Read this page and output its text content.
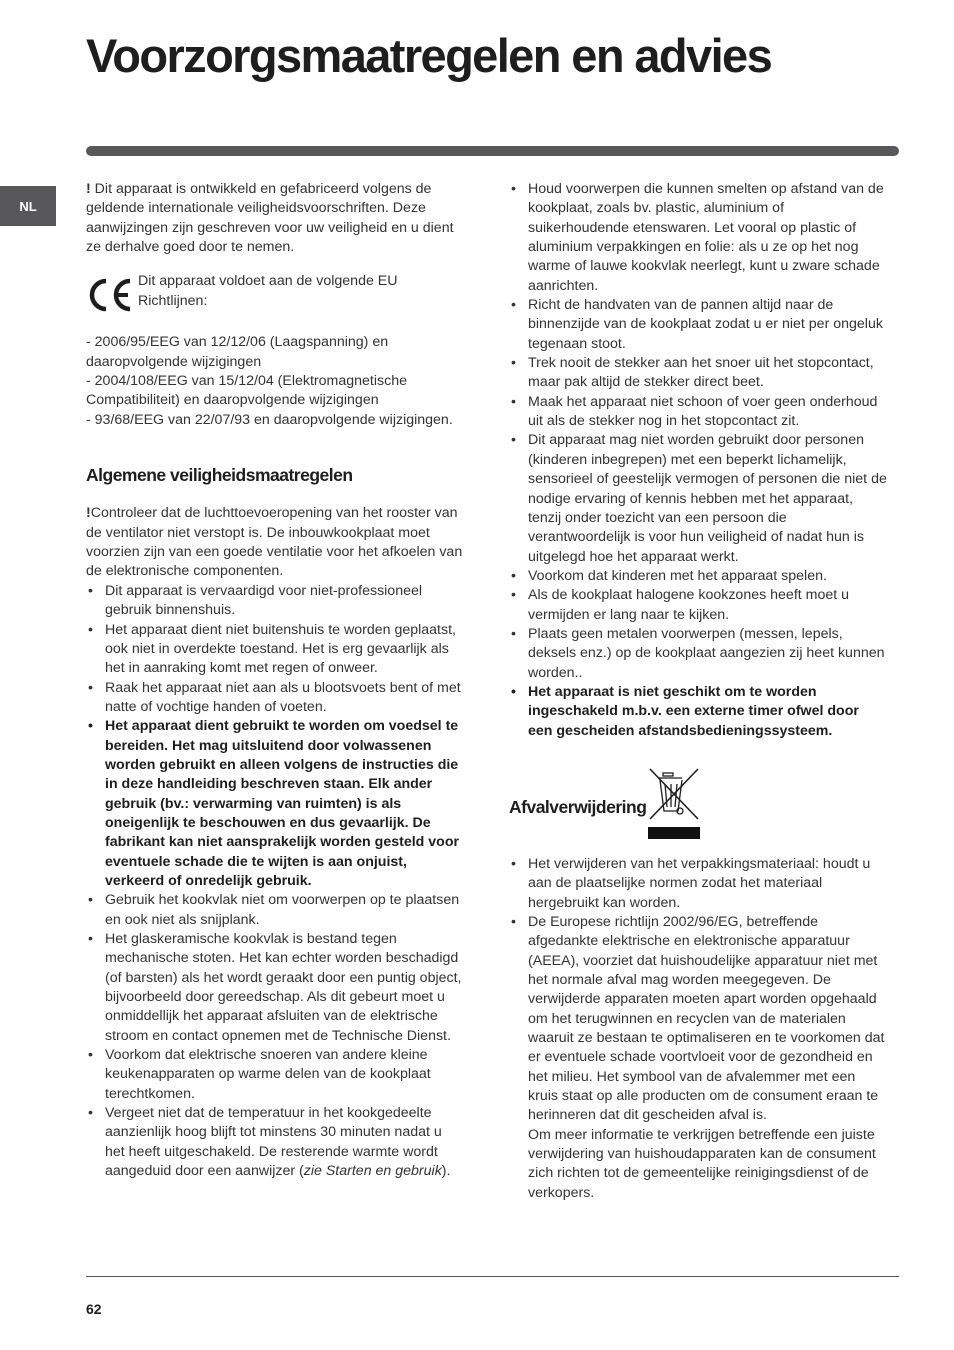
Voorzorgsmaatregelen en advies
NL

! Dit apparaat is ontwikkeld en gefabriceerd volgens de geldende internationale veiligheidsvoorschriften. Deze aanwijzingen zijn geschreven voor uw veiligheid en u dient ze derhalve goed door te nemen.

Dit apparaat voldoet aan de volgende EU Richtlijnen:

- 2006/95/EEG van 12/12/06 (Laagspanning) en daaropvolgende wijzigingen

- 2004/108/EEG van 15/12/04 (Elektromagnetische Compatibiliteit) en daaropvolgende wijzigingen

- 93/68/EEG van 22/07/93 en daaropvolgende wijzigingen.

Algemene veiligheidsmaatregelen

!Controleer dat de luchttoevoeropening van het rooster van de ventilator niet verstopt is. De inbouwkookplaat moet voorzien zijn van een goede ventilatie voor het afkoelen van de elektronische componenten.

• Dit apparaat is vervaardigd voor niet-professioneel gebruik binnenshuis.
• Het apparaat dient niet buitenshuis te worden geplaatst, ook niet in overdekte toestand. Het is erg gevaarlijk als het in aanraking komt met regen of onweer.
• Raak het apparaat niet aan als u blootsvoets bent of met natte of vochtige handen of voeten.
• Het apparaat dient gebruikt te worden om voedsel te bereiden. Het mag uitsluitend door volwassenen worden gebruikt en alleen volgens de instructies die in deze handleiding beschreven staan. Elk ander gebruik (bv.: verwarming van ruimten) is als oneigenlijk te beschouwen en dus gevaarlijk. De fabrikant kan niet aansprakelijk worden gesteld voor eventuele schade die te wijten is aan onjuist, verkeerd of onredelijk gebruik.
• Gebruik het kookvlak niet om voorwerpen op te plaatsen en ook niet als snijplank.
• Het glaskeramische kookvlak is bestand tegen mechanische stoten. Het kan echter worden beschadigd (of barsten) als het wordt geraakt door een puntig object, bijvoorbeeld door gereedschap. Als dit gebeurt moet u onmiddellijk het apparaat afsluiten van de elektrische stroom en contact opnemen met de Technische Dienst.
• Voorkom dat elektrische snoeren van andere kleine keukenapparaten op warme delen van de kookplaat terechtkomen.
• Vergeet niet dat de temperatuur in het kookgedeelte aanzienlijk hoog blijft tot minstens 30 minuten nadat u het heeft uitgeschakeld. De resterende warmte wordt aangeduid door een aanwijzer (zie Starten en gebruik).
• Houd voorwerpen die kunnen smelten op afstand van de kookplaat, zoals bv. plastic, aluminium of suikerhoudende etenswaren. Let vooral op plastic of aluminium verpakkingen en folie: als u ze op het nog warme of lauwe kookvlak neerlegt, kunt u zware schade aanrichten.
• Richt de handvaten van de pannen altijd naar de binnenzijde van de kookplaat zodat u er niet per ongeluk tegenaan stoot.
• Trek nooit de stekker aan het snoer uit het stopcontact, maar pak altijd de stekker direct beet.
• Maak het apparaat niet schoon of voer geen onderhoud uit als de stekker nog in het stopcontact zit.
• Dit apparaat mag niet worden gebruikt door personen (kinderen inbegrepen) met een beperkt lichamelijk, sensorieel of geestelijk vermogen of personen die niet de nodige ervaring of kennis hebben met het apparaat, tenzij onder toezicht van een persoon die verantwoordelijk is voor hun veiligheid of nadat hun is uitgelegd hoe het apparaat werkt.
• Voorkom dat kinderen met het apparaat spelen.
• Als de kookplaat halogene kookzones heeft moet u vermijden er lang naar te kijken.
• Plaats geen metalen voorwerpen (messen, lepels, deksels enz.) op de kookplaat aangezien zij heet kunnen worden..
• Het apparaat is niet geschikt om te worden ingeschakeld m.b.v. een externe timer ofwel door een gescheiden afstandsbedieningssysteem.
Afvalverwijdering
• Het verwijderen van het verpakkingsmateriaal: houdt u aan de plaatselijke normen zodat het materiaal hergebruikt kan worden.
• De Europese richtlijn 2002/96/EG, betreffende afgedankte elektrische en elektronische apparatuur (AEEA), voorziet dat huishoudelijke apparatuur niet met het normale afval mag worden meegegeven. De verwijderde apparaten moeten apart worden opgehaald om het terugwinnen en recyclen van de materialen waaruit ze bestaan te optimaliseren en te voorkomen dat er eventuele schade voortvloeit voor de gezondheid en het milieu. Het symbool van de afvalemmer met een kruis staat op alle producten om de consument eraan te herinneren dat dit gescheiden afval is.
Om meer informatie te verkrijgen betreffende een juiste verwijdering van huishoudapparaten kan de consument zich richten tot de gemeentelijke reinigingsdienst of de verkopers.
62
